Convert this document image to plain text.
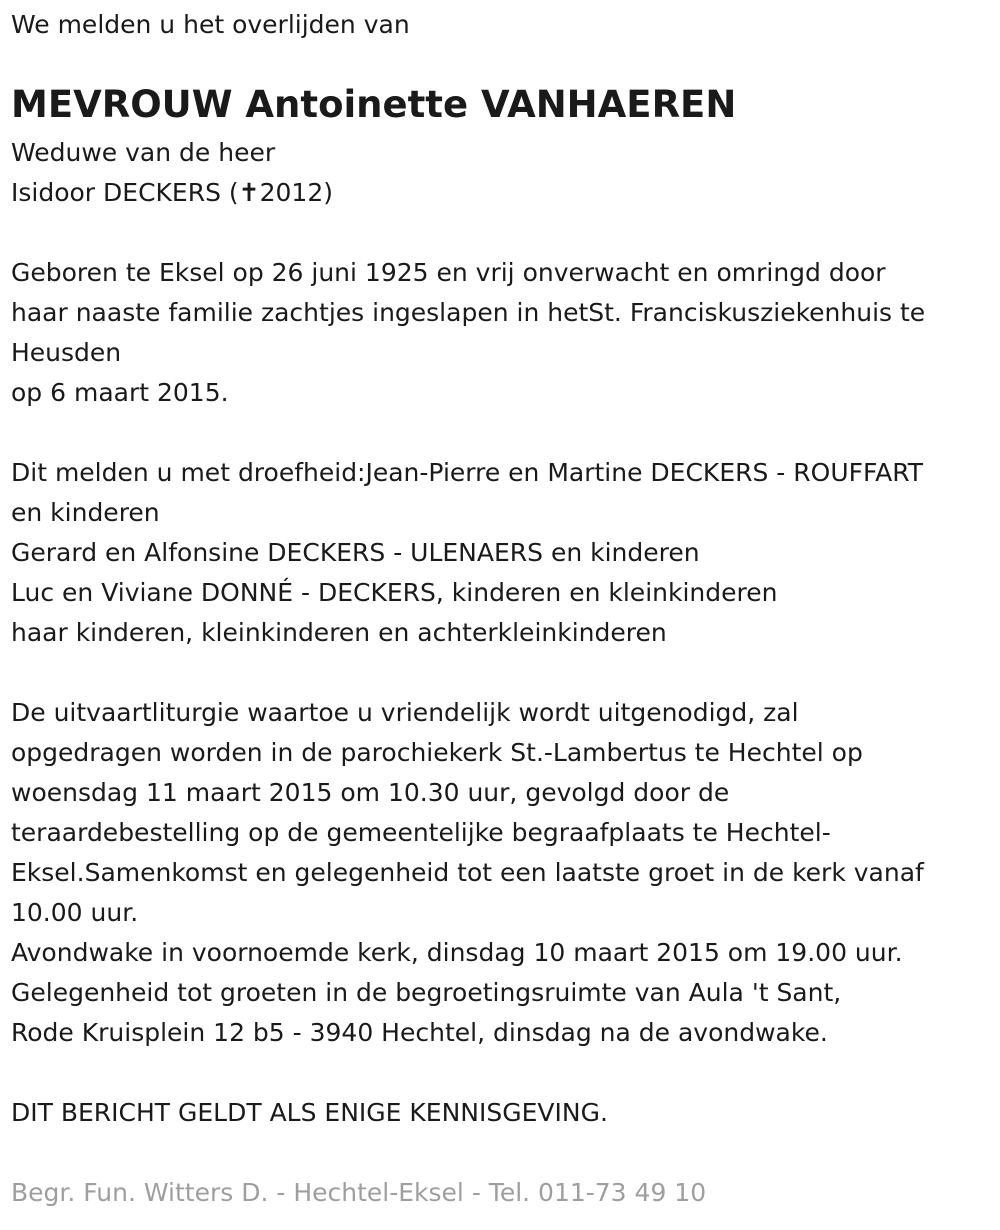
We melden u het overlijden van
MEVROUW Antoinette VANHAEREN
Weduwe van de heer
Isidoor DECKERS (✝2012)
Geboren te Eksel op 26 juni 1925 en vrij onverwacht en omringd door
haar naaste familie zachtjes ingeslapen in hetSt. Franciskusziekenhuis te
Heusden
op 6 maart 2015.
Dit melden u met droefheid:Jean-Pierre en Martine DECKERS - ROUFFART
en kinderen
Gerard en Alfonsine DECKERS - ULENAERS en kinderen
Luc en Viviane DONNÉ - DECKERS, kinderen en kleinkinderen
haar kinderen, kleinkinderen en achterkleinkinderen
De uitvaartliturgie waartoe u vriendelijk wordt uitgenodigd, zal
opgedragen worden in de parochiekerk St.-Lambertus te Hechtel op
woensdag 11 maart 2015 om 10.30 uur, gevolgd door de
teraardebestelling op de gemeentelijke begraafplaats te Hechtel-
Eksel.Samenkomst en gelegenheid tot een laatste groet in de kerk vanaf
10.00 uur.
Avondwake in voornoemde kerk, dinsdag 10 maart 2015 om 19.00 uur.
Gelegenheid tot groeten in de begroetingsruimte van Aula 't Sant,
Rode Kruisplein 12 b5 - 3940 Hechtel, dinsdag na de avondwake.
DIT BERICHT GELDT ALS ENIGE KENNISGEVING.
Begr. Fun. Witters D. - Hechtel-Eksel - Tel. 011-73 49 10
